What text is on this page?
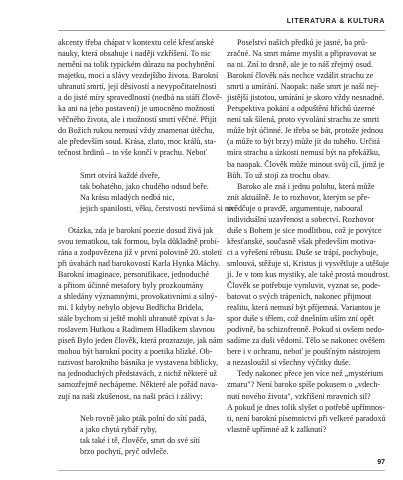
LITERATURA & KULTURA
akcenty třeba chápat v kontextu celé křesťanské
nauky, která obsahuje i naději vzkříšení. To nic
nemění na tolik typickém důrazu na pochybnění
majetku, moci a slávy vezdejšího života. Barokní
uhranutí smrtí, její děsivostí a nevypočitatelností
a do jisté míry spravedlností (nedbá na stáří člově-
ka ani na jeho postavení) je umocněno možností
věčného života, ale i možností smrti věčné. Přijít
do Božích rukou nemusí vždy znamenat útěchu,
ale především soud. Krása, zlato, moc králů, sta-
tečnost hrdinů – to vše končí v prachu. Neboť
Smrt otvírá každé dveře,
tak bohatého, jako chudého odsud beře.
Na krásu mladých nedbá nic,
jejich spanilosti, věku, čerstvosti nevšímá si nic.
Otázka, zda je barokní poezie dosud živá jak
svou tematikou, tak formou, byla důkladně probí-
rána a zodpovězena již v první polovině 20. století
při úvahách nad barokovostí Karla Hynka Máchy.
Barokní imaginace, personifikace, jednoduché
a přitom účinné metafory byly prozkoumány
a shledány významnými, provokativními a silný-
mi. I kdyby nebylo objevu Bedřicha Bridela,
stále bychom si ještě mohli uhranutě zpívat s Ja-
roslavem Hutkou a Radimem Hladíkem slavnou
píseň Bylo jeden člověk, která prozrazuje, jak nám
mohou být barokní pocity a poetika blízké. Ob-
razivost barokního básníka je vystavena biblicky,
na jednoduchých představách, z nichž některé už
samozřejmě nechápeme. Některé ale pořád nava-
zují na naši zkušenost, na naši práci i zálivy:
Neb rovně jako pták polní do sítí padá,
a jako chytá rybář ryby,
tak také i tě, člověče, smrt do své sítí
brzo pochytí, pryč odvleče.
Poselství našich předků je jasné, ba prů-
zračné. Na smrt máme myslit a připravovat se
na ni. Zní to drsně, ale je to náš zřejmý osud.
Barokní člověk nás nechce vzdálit strachu ze
smrti a umírání. Naopak: naše smrt je naší nej-
jistější jistotou, umírání je skoro vždy nesnadné.
Perspektiva pokání a odpuštění hříchů úzerné
není tak šílená, proto vyvolání strachu ze smrti
může být účinné. Je třeba se bát, protože jednou
(a může to být brzy) může jít do tuhého. Určitá
míra strachu a úzkosti nemusí být na překážku,
ba naopak. Člověk může minout svůj cíl, jímž je
Bůh. To už stojí za trochu obav.
Baroko ale zná i jednu polohu, která může
znít aktuálně. Je to rozhovor, kterým se pře-
svědčuje o pravdě, argumentuje, naboural
individuální uzavřenost a sobectví. Rozhovor
duše s Bohem je sice modlitbou, což je povýtce
křesťanské, současně však především motiva-
ci a vyřešení rébusu. Duše se trápí, pochybuje,
smlouvá, stěžuje si, Kristus ji vysvětluje a utěšuje
ji. Je v tom kus mystiky, ale také prostá moudrost.
Člověk se potřebuje vymluvit, vyznat se, pode-
batovat o svých trápeních, nakonec přijmout
realitu, která nemusí být příjemná. Variantou je
spor duše s tělem, což dnešním uším zní opět
podivně, ba schizofrenně. Pokud si ovšem nedo-
sadíme za duši vědomí. Tělo se nakonec ověšem
bere i v ochranu, neboť je poušťným nástrojem
a nezasloužil si všechny výčitky duše.
Tedy nakonec přece jen více než „mystérium
zmaru"? Není baroko spíše pokusem o „vdech-
nutí nového života", vzkříšení mravních sil?
A pokud je dnes tolik slyšet o potřebě upřímnos-
ti, není barokní písemnictví při velkeré paradoxů
vlastně upřímné až k zalknutí?
97
